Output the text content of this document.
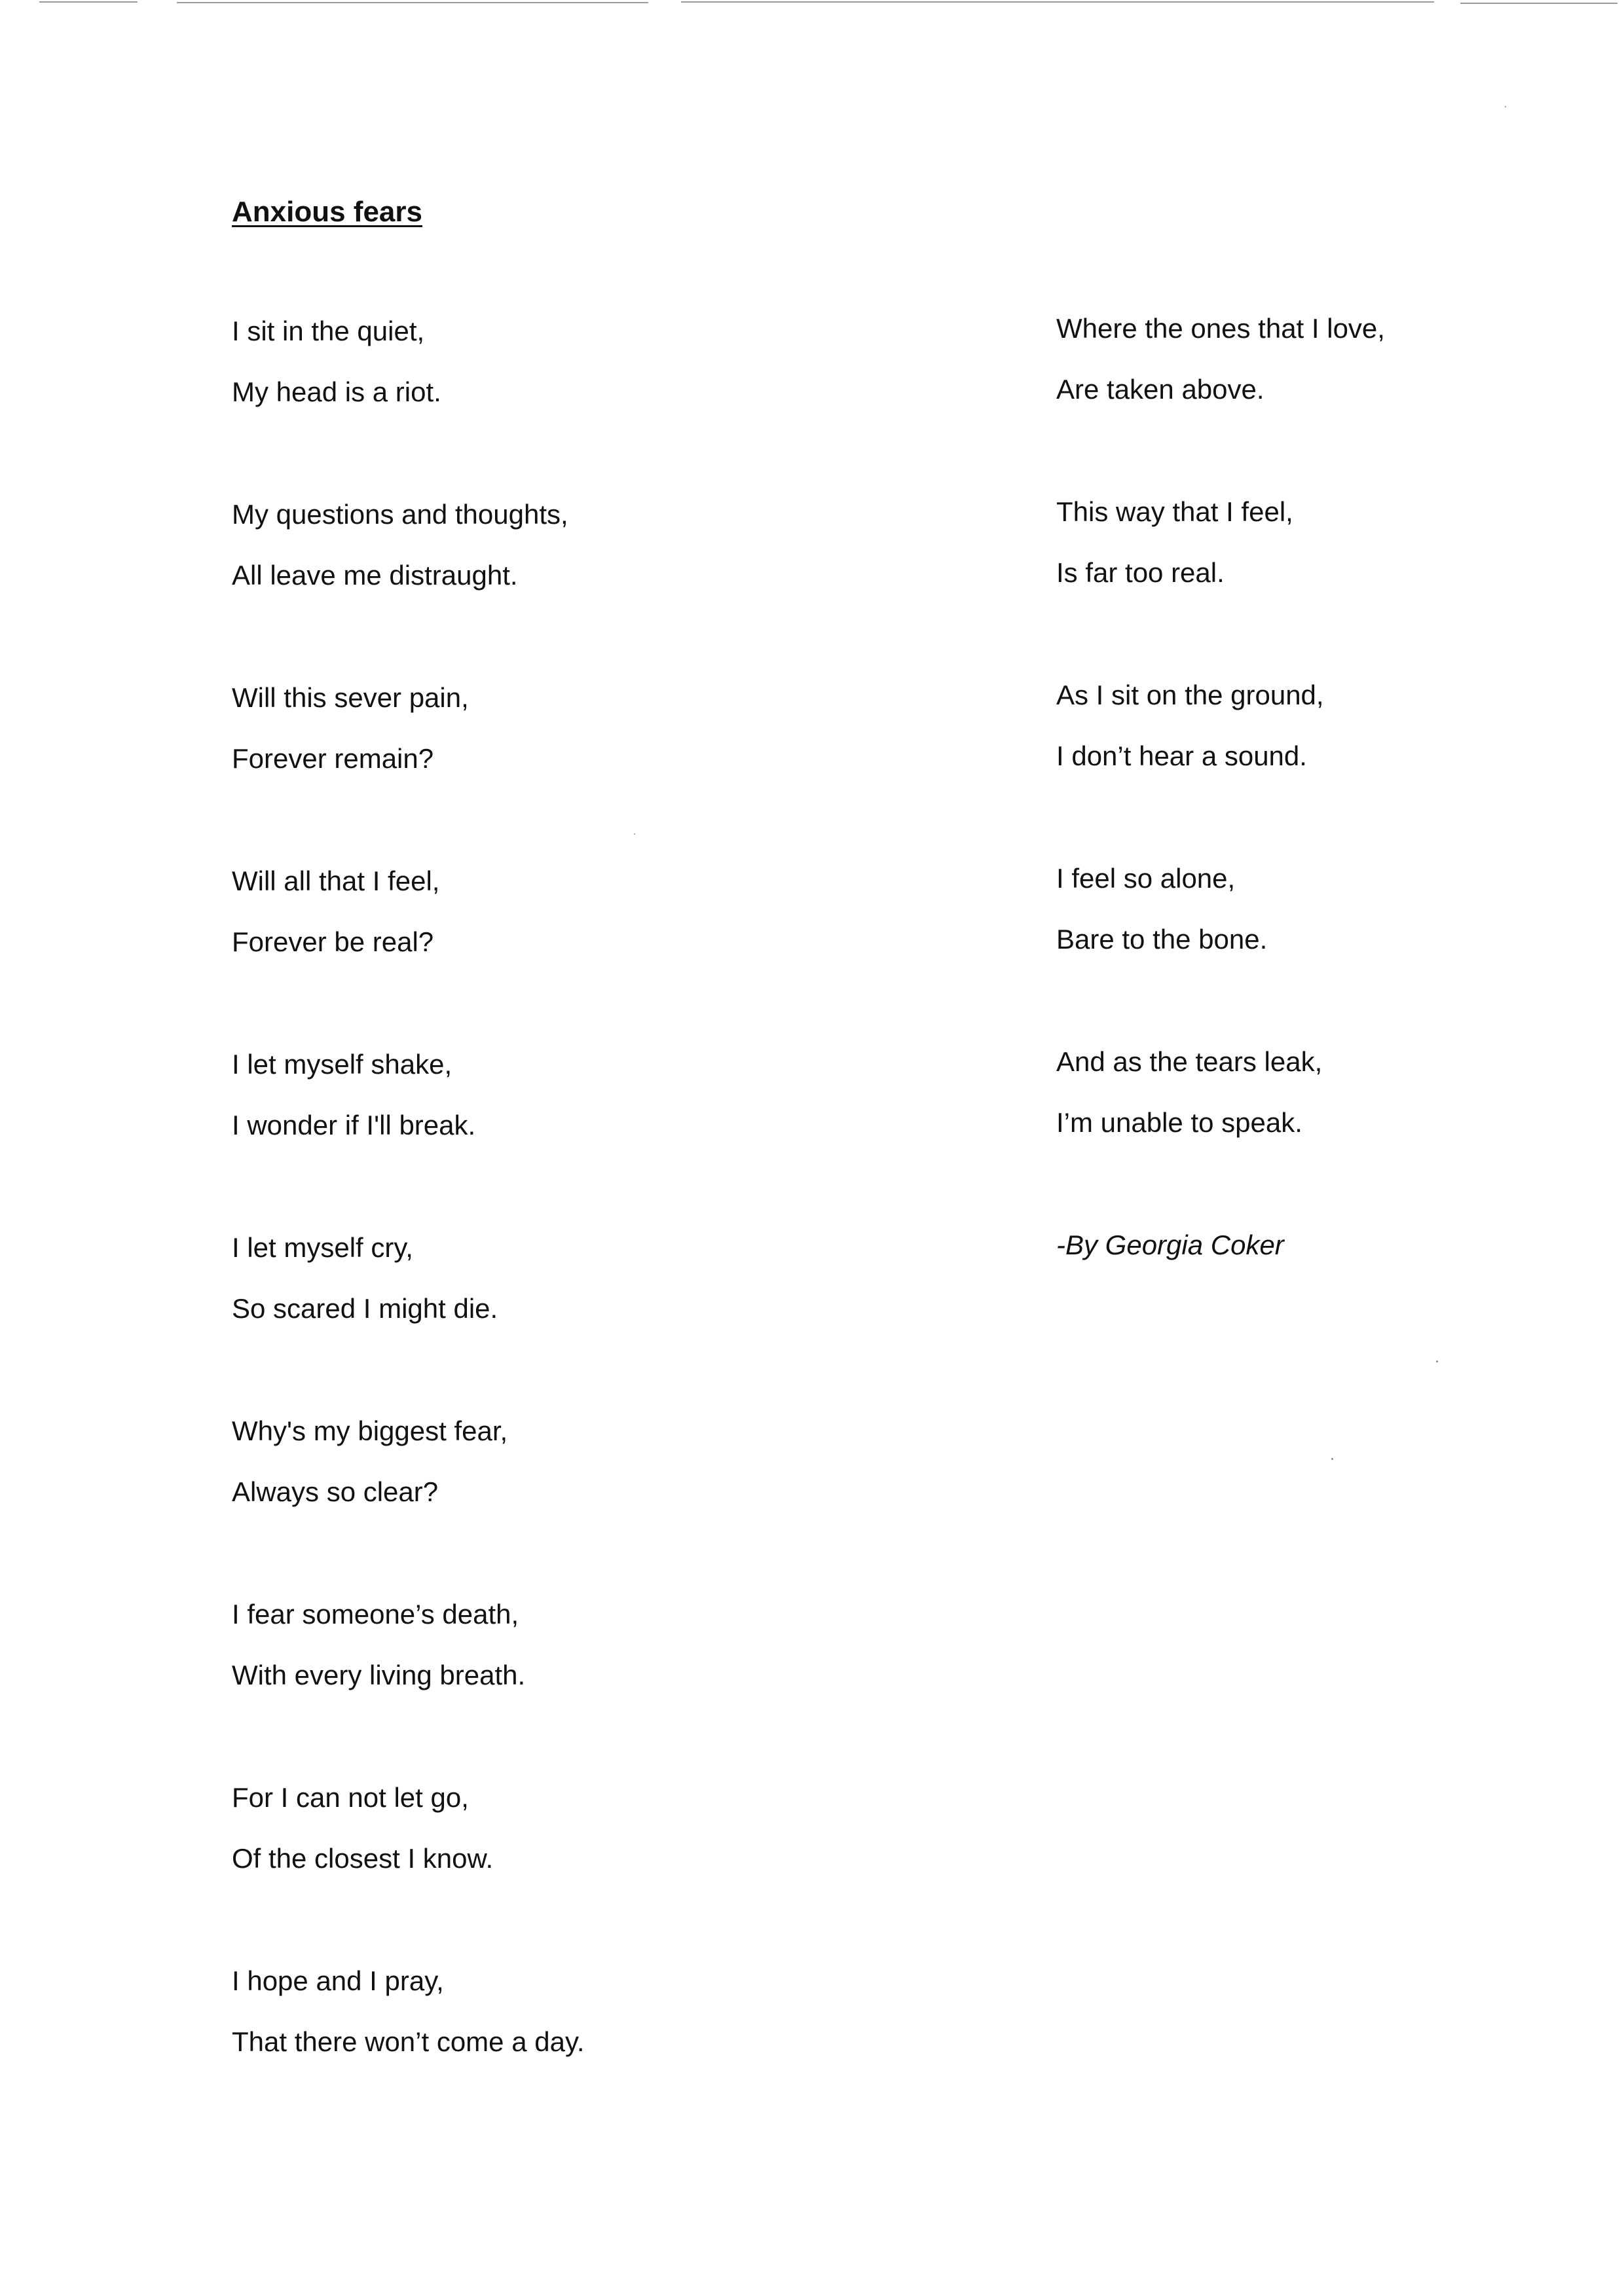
Anxious fears
I sit in the quiet,
My head is a riot.
My questions and thoughts,
All leave me distraught.
Will this sever pain,
Forever remain?
Will all that I feel,
Forever be real?
I let myself shake,
I wonder if I'll break.
I let myself cry,
So scared I might die.
Why's my biggest fear,
Always so clear?
I fear someone’s death,
With every living breath.
For I can not let go,
Of the closest I know.
I hope and I pray,
That there won’t come a day.
Where the ones that I love,
Are taken above.
This way that I feel,
Is far too real.
As I sit on the ground,
I don’t hear a sound.
I feel so alone,
Bare to the bone.
And as the tears leak,
I’m unable to speak.
-By Georgia Coker
